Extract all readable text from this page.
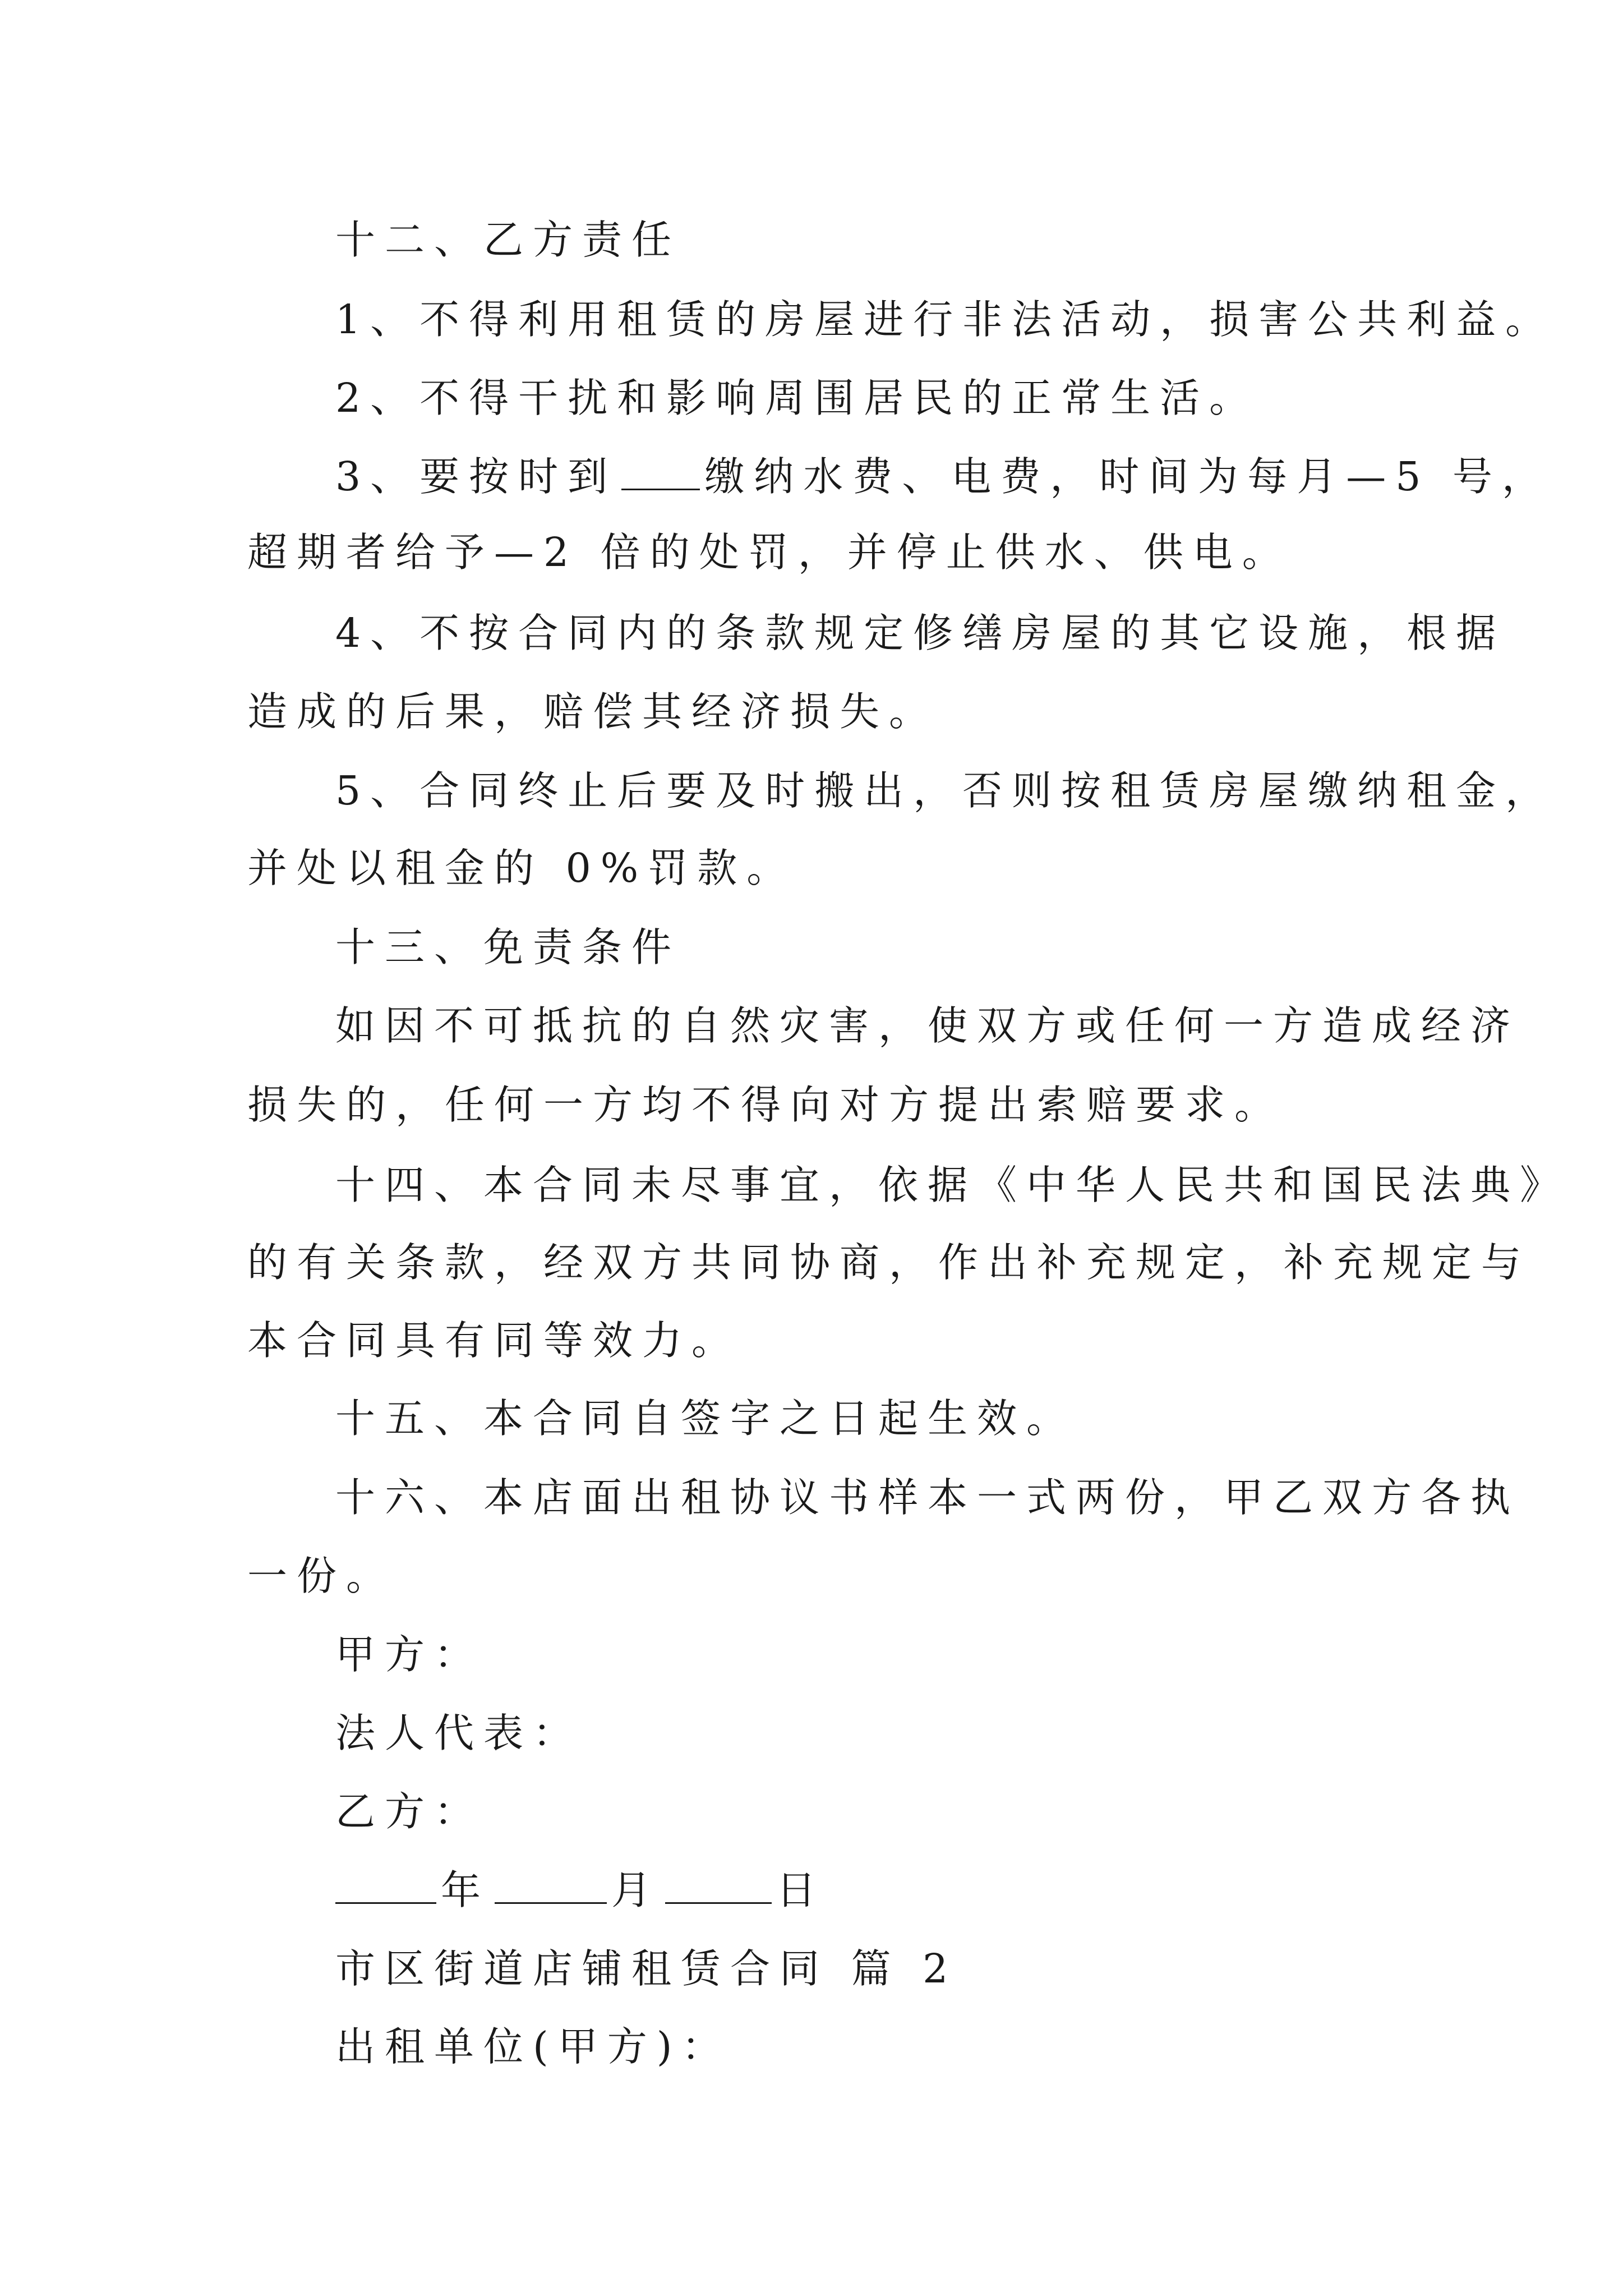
十二、乙方责任

1、不得利用租赁的房屋进行非法活动，损害公共利益。

2、不得干扰和影响周围居民的正常生活。

3、要按时到 缴纳水费、电费，时间为每月—5 号，

超期者给予—2 倍的处罚，并停止供水、供电。

4、不按合同内的条款规定修缮房屋的其它设施，根据

造成的后果，赔偿其经济损失。

5、合同终止后要及时搬出，否则按租赁房屋缴纳租金，

并处以租金的 0%罚款。

十三、免责条件

如因不可抵抗的自然灾害，使双方或任何一方造成经济

损失的，任何一方均不得向对方提出索赔要求。

十四、本合同未尽事宜，依据《中华人民共和国民法典》

的有关条款，经双方共同协商，作出补充规定，补充规定与

本合同具有同等效力。

十五、本合同自签字之日起生效。

十六、本店面出租协议书样本一式两份，甲乙双方各执

一份。

甲方：

法人代表：

乙方：

年	月	日

市区街道店铺租赁合同 篇 2

出租单位(甲方)：
